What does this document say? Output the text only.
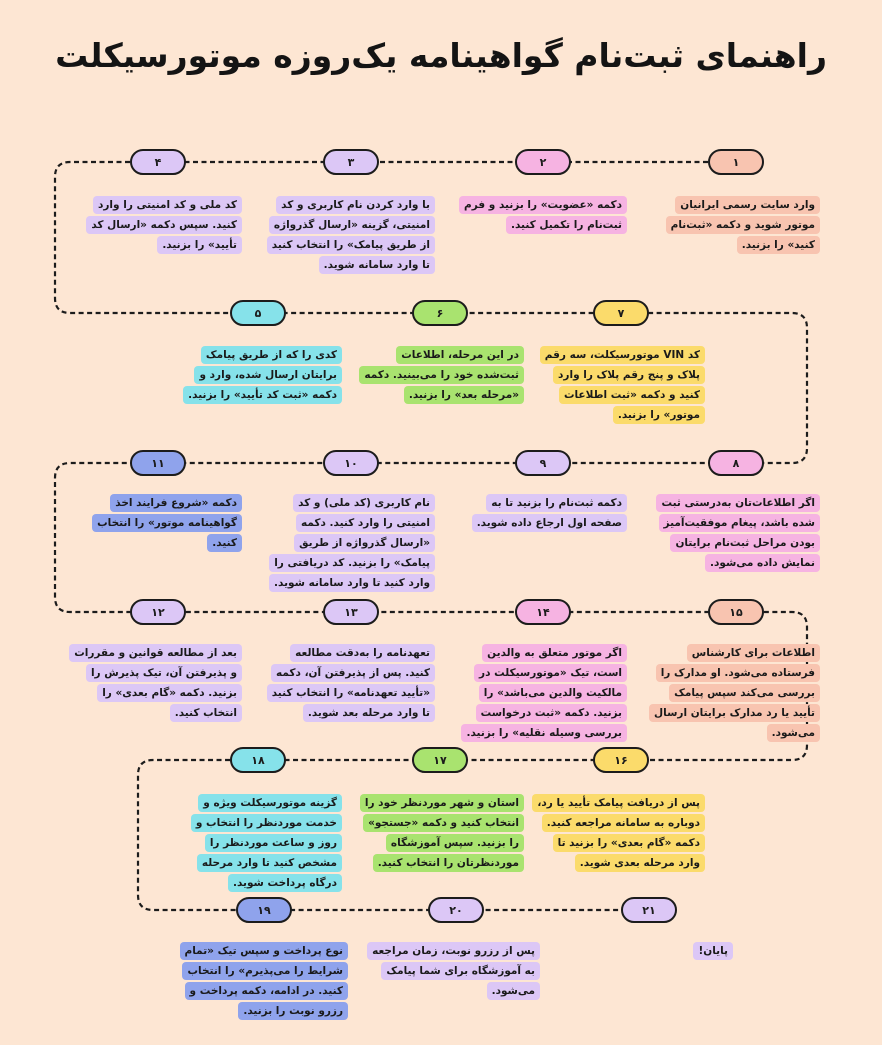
راهنمای ثبت‌نام گواهینامه یک‌روزه موتورسیکلت
۱
وارد سایت رسمی ایرانیان موتور شوید و دکمه «ثبت‌نام کنید» را بزنید.
۲
دکمه «عضویت» را بزنید و فرم ثبت‌نام را تکمیل کنید.
۳
با وارد کردن نام کاربری و کد امنیتی، گزینه «ارسال گذرواژه از طریق پیامک» را انتخاب کنید تا وارد سامانه شوید.
۴
کد ملی و کد امنیتی را وارد کنید. سپس دکمه «ارسال کد تأیید» را بزنید.
۵
کدی را که از طریق پیامک برایتان ارسال شده، وارد و دکمه «ثبت کد تأیید» را بزنید.
۶
در این مرحله، اطلاعات ثبت‌شده خود را می‌بینید. دکمه «مرحله بعد» را بزنید.
۷
کد VIN موتورسیکلت، سه رقم پلاک و پنج رقم پلاک را وارد کنید و دکمه «ثبت اطلاعات موتور» را بزنید.
۸
اگر اطلاعات‌تان به‌درستی ثبت شده باشد، پیغام موفقیت‌آمیز بودن مراحل ثبت‌نام برایتان نمایش داده می‌شود.
۹
دکمه ثبت‌نام را بزنید تا به صفحه اول ارجاع داده شوید.
۱۰
نام کاربری (کد ملی) و کد امنیتی را وارد کنید. دکمه «ارسال گذرواژه از طریق پیامک» را بزنید. کد دریافتی را وارد کنید تا وارد سامانه شوید.
۱۱
دکمه «شروع فرایند اخذ گواهینامه موتور» را انتخاب کنید.
۱۲
بعد از مطالعه قوانین و مقررات و پذیرفتن آن، تیک پذیرش را بزنید. دکمه «گام بعدی» را انتخاب کنید.
۱۳
تعهدنامه را به‌دقت مطالعه کنید. پس از پذیرفتن آن، دکمه «تأیید تعهدنامه» را انتخاب کنید تا وارد مرحله بعد شوید.
۱۴
اگر موتور متعلق به والدین است، تیک «موتورسیکلت در مالکیت والدین می‌باشد» را بزنید. دکمه «ثبت درخواست بررسی وسیله نقلیه» را بزنید.
۱۵
اطلاعات برای کارشناس فرستاده می‌شود. او مدارک را بررسی می‌کند سپس پیامک تأیید یا رد مدارک برایتان ارسال می‌شود.
۱۶
پس از دریافت پیامک تأیید یا رد، دوباره به سامانه مراجعه کنید. دکمه «گام بعدی» را بزنید تا وارد مرحله بعدی شوید.
۱۷
استان و شهر موردنظر خود را انتخاب کنید و دکمه «جستجو» را بزنید. سپس آموزشگاه موردنظرتان را انتخاب کنید.
۱۸
گزینه موتورسیکلت ویژه و خدمت موردنظر را انتخاب و روز و ساعت موردنظر را مشخص کنید تا وارد مرحله درگاه پرداخت شوید.
۱۹
نوع پرداخت و سپس تیک «تمام شرایط را می‌پذیرم» را انتخاب کنید. در ادامه، دکمه پرداخت و رزرو نوبت را بزنید.
۲۰
پس از رزرو نوبت، زمان مراجعه به آموزشگاه برای شما پیامک می‌شود.
۲۱
پایان!
